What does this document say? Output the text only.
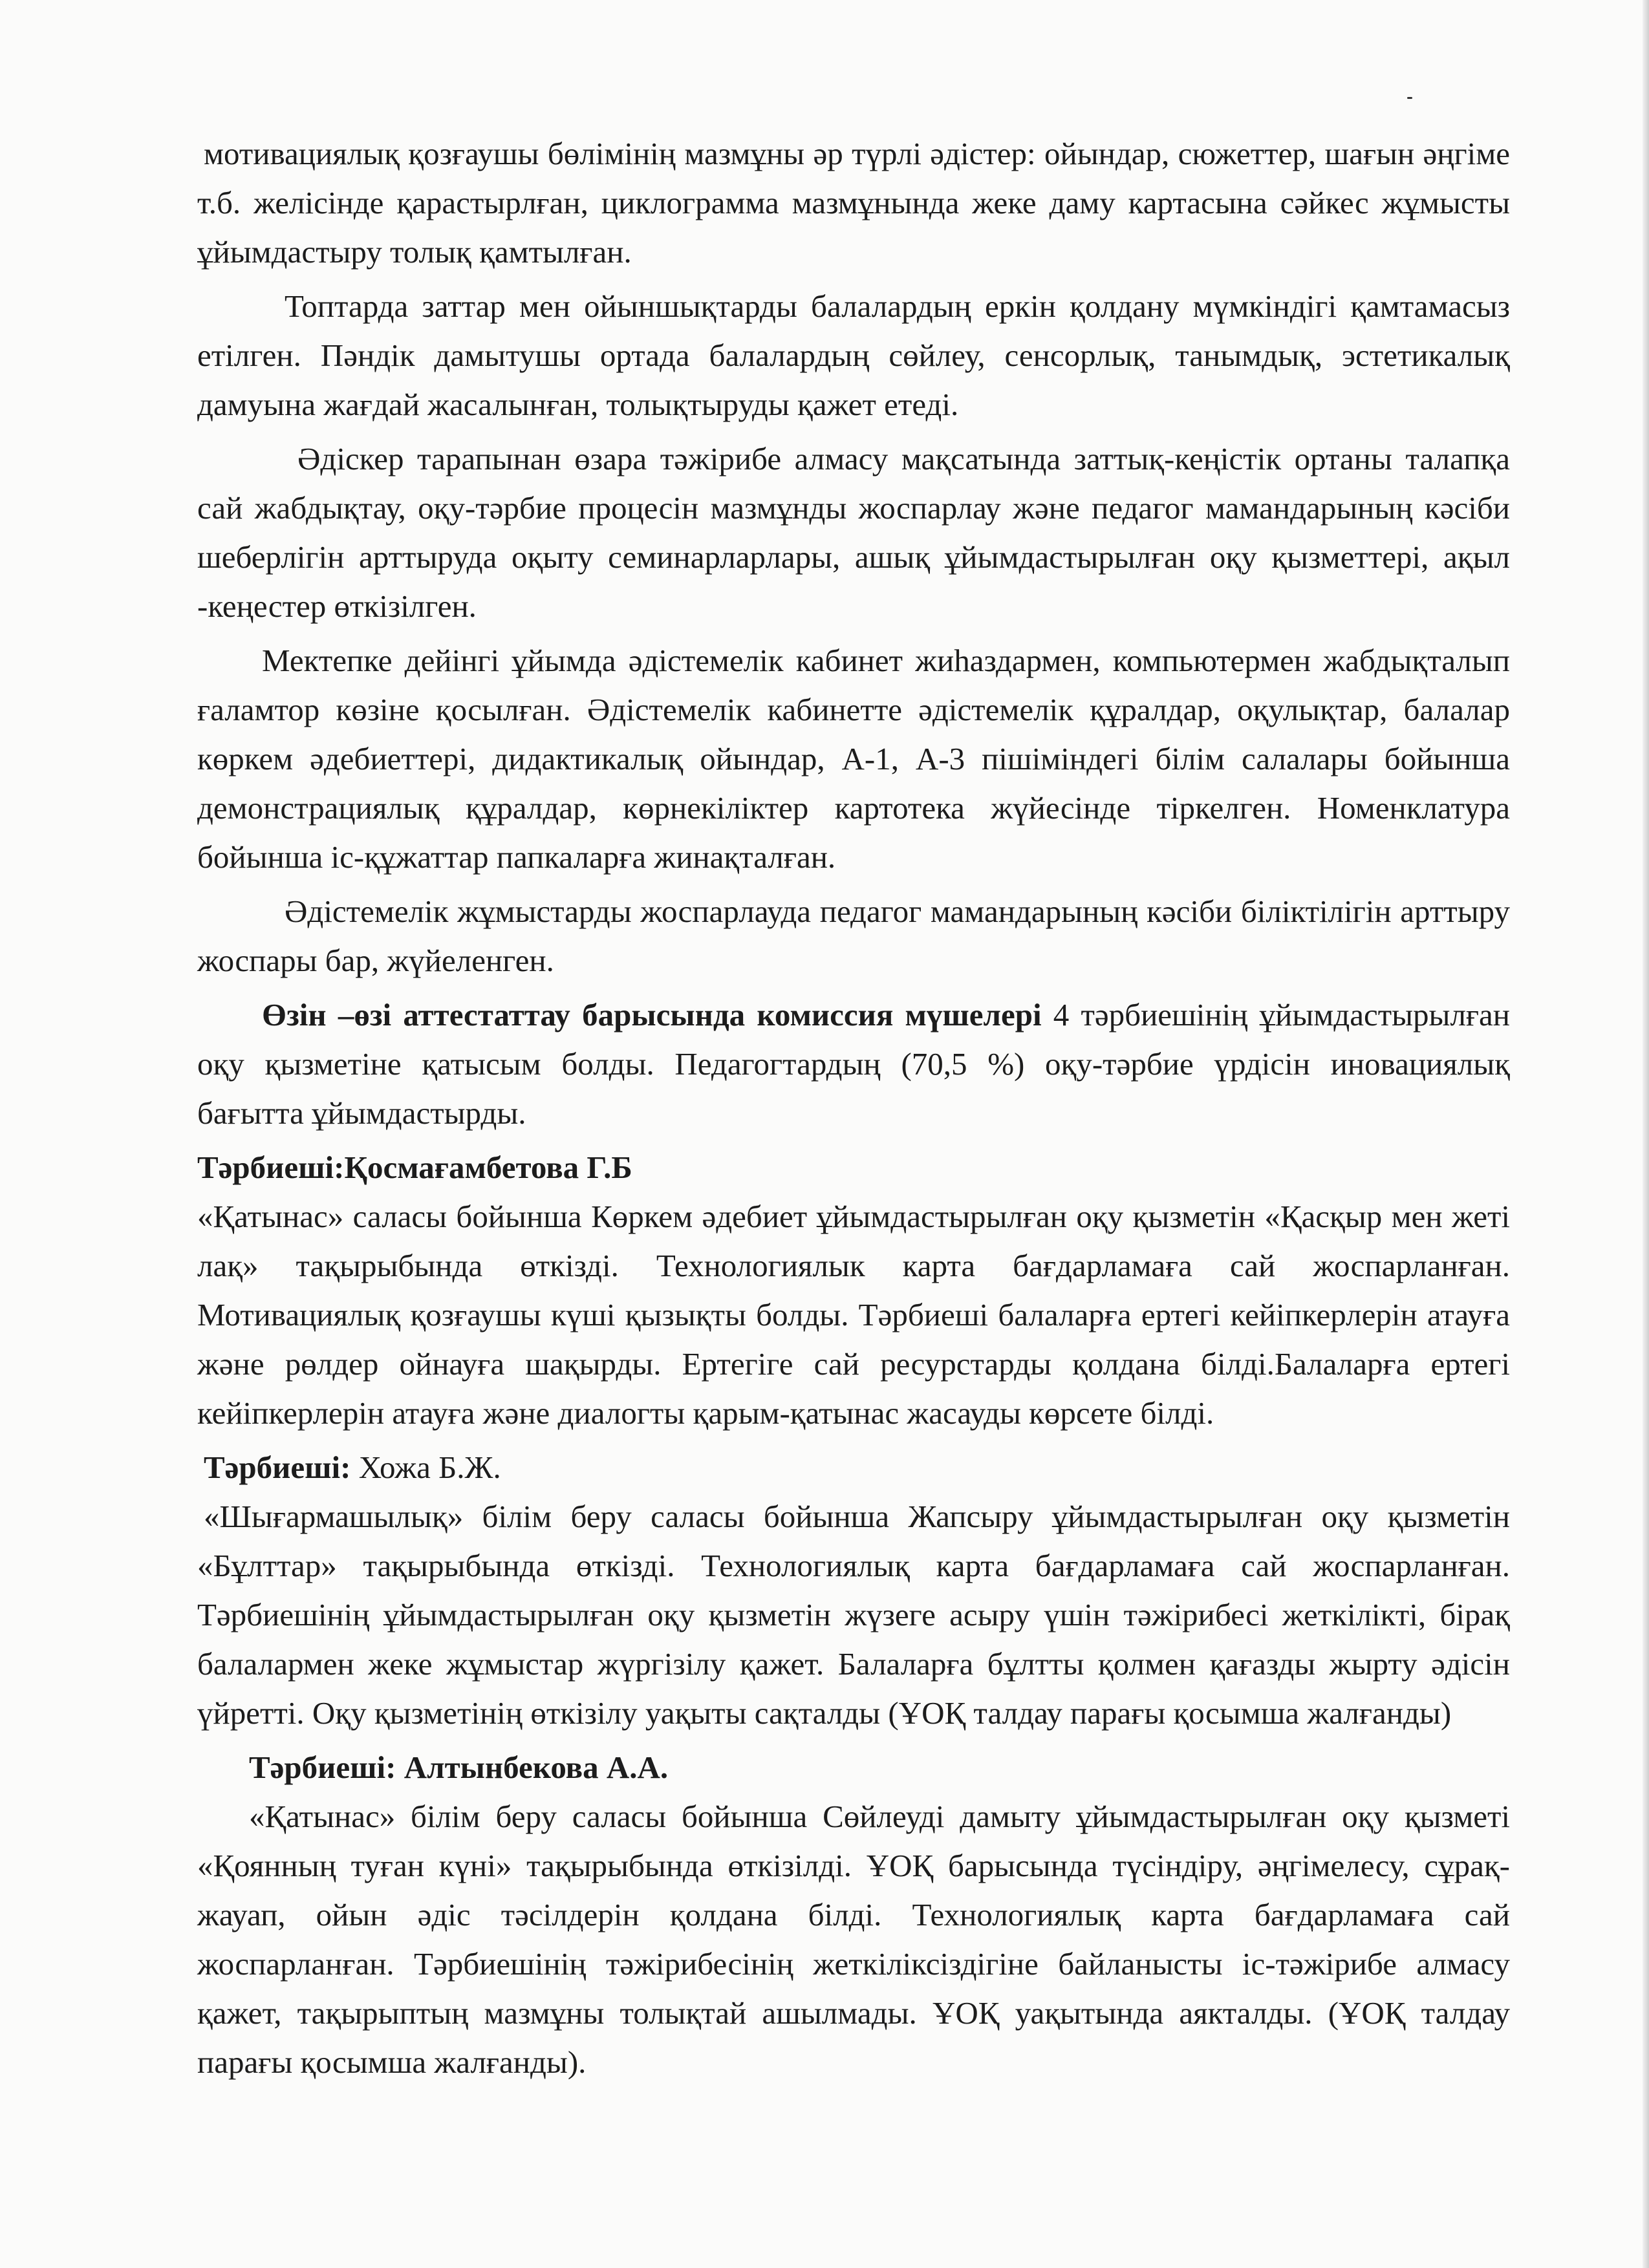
мотивациялық қозғаушы бөлімінің мазмұны әр түрлі әдістер: ойындар, сюжеттер, шағын әңгіме т.б. желісінде қарастырлған, циклограмма мазмұнында жеке даму картасына сәйкес жұмысты ұйымдастыру толық қамтылған.

Топтарда заттар мен ойыншықтарды балалардың еркін қолдану мүмкіндігі қамтамасыз етілген. Пәндік дамытушы ортада балалардың сөйлеу, сенсорлық, танымдық, эстетикалық дамуына жағдай жасалынған, толықтыруды қажет етеді.

Әдіскер тарапынан өзара тәжірибе алмасу мақсатында заттық-кеңістік ортаны талапқа сай жабдықтау, оқу-тәрбие процесін мазмұнды жоспарлау және педагог мамандарының кәсіби шеберлігін арттыруда оқыту семинарларлары, ашық ұйымдастырылған оқу қызметтері, ақыл -кеңестер өткізілген.

Мектепке дейінгі ұйымда әдістемелік кабинет жиһаздармен, компьютермен жабдықталып ғаламтор көзіне қосылған. Әдістемелік кабинетте әдістемелік құралдар, оқулықтар, балалар көркем әдебиеттері, дидактикалық ойындар, А-1, А-3 пішіміндегі білім салалары бойынша демонстрациялық құралдар, көрнекіліктер картотека жүйесінде тіркелген. Номенклатура бойынша іс-құжаттар папкаларға жинақталған.

Әдістемелік жұмыстарды жоспарлауда педагог мамандарының кәсіби біліктілігін арттыру жоспары бар, жүйеленген.

Өзін –өзі аттестаттау барысында комиссия мүшелері 4 тәрбиешінің ұйымдастырылған оқу қызметіне қатысым болды. Педагогтардың (70,5 %) оқу-тәрбие үрдісін иновациялық бағытта ұйымдастырды.

Тәрбиеші:Қосмағамбетова Г.Б

«Қатынас» саласы бойынша Көркем әдебиет ұйымдастырылған оқу қызметін «Қасқыр мен жеті лақ» тақырыбында өткізді. Технологиялык карта бағдарламаға сай жоспарланған. Мотивациялық қозғаушы күші қызықты болды. Тәрбиеші балаларға ертегі кейіпкерлерін атауға және рөлдер ойнауға шақырды. Ертегіге сай ресурстарды қолдана білді.Балаларға ертегі кейіпкерлерін атауға және диалогты қарым-қатынас жасауды көрсете білді.

Тәрбиеші: Хожа Б.Ж.

«Шығармашылық» білім беру саласы бойынша Жапсыру ұйымдастырылған оқу қызметін «Бұлттар» тақырыбында өткізді. Технологиялық карта бағдарламаға сай жоспарланған. Тәрбиешінің ұйымдастырылған оқу қызметін жүзеге асыру үшін тәжірибесі жеткілікті, бірақ балалармен жеке жұмыстар жүргізілу қажет. Балаларға бұлтты қолмен қағазды жырту әдісін үйретті. Оқу қызметінің өткізілу уақыты сақталды (ҰОҚ талдау парағы қосымша жалғанды)

Тәрбиеші: Алтынбекова А.А.

«Қатынас» білім беру саласы бойынша Сөйлеуді дамыту ұйымдастырылған оқу қызметі «Қоянның туған күні» тақырыбында өткізілді. ҰОҚ барысында түсіндіру, әңгімелесу, сұрақ-жауап, ойын әдіс тәсілдерін қолдана білді. Технологиялық карта бағдарламаға сай жоспарланған. Тәрбиешінің тәжірибесінің жеткіліксіздігіне байланысты іс-тәжірибе алмасу қажет, тақырыптың мазмұны толықтай ашылмады. ҰОҚ уақытында аякталды. (ҰОҚ талдау парағы қосымша жалғанды).
